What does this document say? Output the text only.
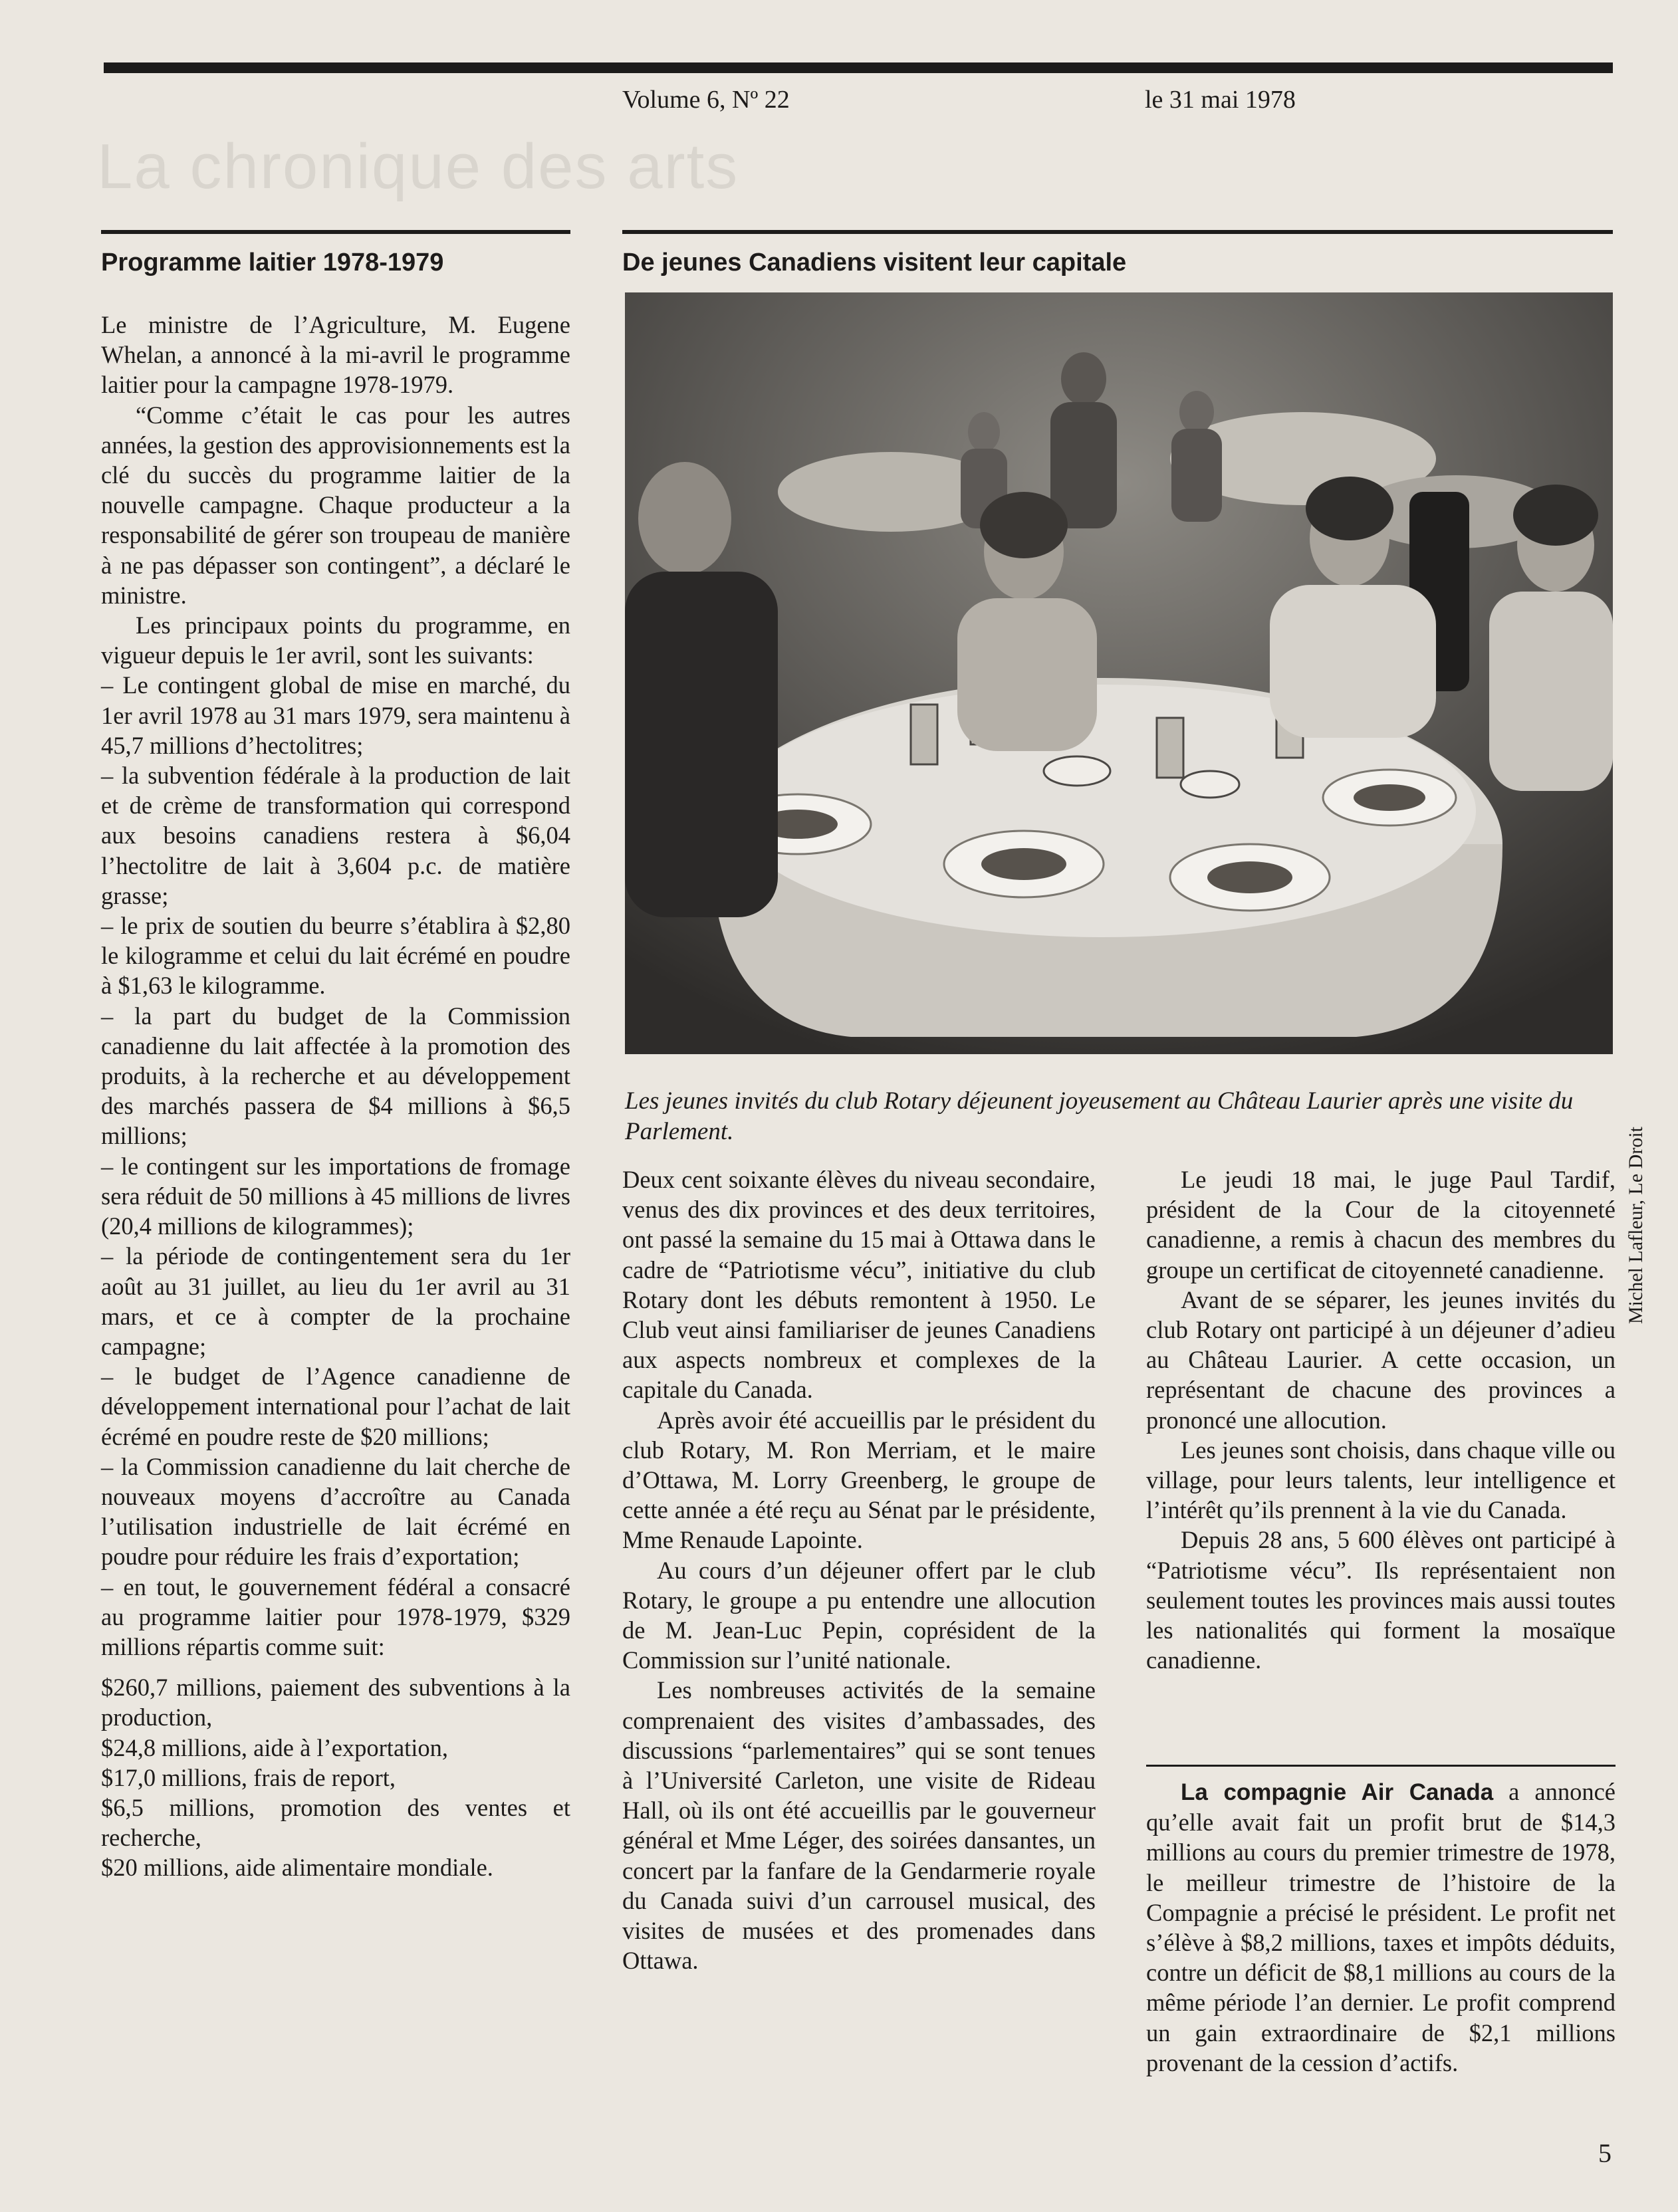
Volume 6, Nº 22	le 31 mai 1978
La chronique des arts
Programme laitier 1978-1979

Le ministre de l’Agriculture, M. Eugene Whelan, a annoncé à la mi-avril le programme laitier pour la campagne 1978-1979.

“Comme c’était le cas pour les autres années, la gestion des approvisionnements est la clé du succès du programme laitier de la nouvelle campagne. Chaque producteur a la responsabilité de gérer son troupeau de manière à ne pas dépasser son contingent”, a déclaré le ministre.

Les principaux points du programme, en vigueur depuis le 1er avril, sont les suivants:

– Le contingent global de mise en marché, du 1er avril 1978 au 31 mars 1979, sera maintenu à 45,7 millions d’hectolitres;

– la subvention fédérale à la production de lait et de crème de transformation qui correspond aux besoins canadiens restera à $6,04 l’hectolitre de lait à 3,604 p.c. de matière grasse;

– le prix de soutien du beurre s’établira à $2,80 le kilogramme et celui du lait écrémé en poudre à $1,63 le kilogramme.

– la part du budget de la Commission canadienne du lait affectée à la promotion des produits, à la recherche et au développement des marchés passera de $4 millions à $6,5 millions;

– le contingent sur les importations de fromage sera réduit de 50 millions à 45 millions de livres (20,4 millions de kilogrammes);

– la période de contingentement sera du 1er août au 31 juillet, au lieu du 1er avril au 31 mars, et ce à compter de la prochaine campagne;

– le budget de l’Agence canadienne de développement international pour l’achat de lait écrémé en poudre reste de $20 millions;

– la Commission canadienne du lait cherche de nouveaux moyens d’accroître au Canada l’utilisation industrielle de lait écrémé en poudre pour réduire les frais d’exportation;

– en tout, le gouvernement fédéral a consacré au programme laitier pour 1978-1979, $329 millions répartis comme suit:

$260,7 millions, paiement des subventions à la production,

$24,8 millions, aide à l’exportation,

$17,0 millions, frais de report,

$6,5 millions, promotion des ventes et recherche,

$20 millions, aide alimentaire mondiale.

De jeunes Canadiens visitent leur capitale
Michel Lafleur, Le Droit
Les jeunes invités du club Rotary déjeunent joyeusement au Château Laurier après une visite du Parlement.

Deux cent soixante élèves du niveau secondaire, venus des dix provinces et des deux territoires, ont passé la semaine du 15 mai à Ottawa dans le cadre de “Patriotisme vécu”, initiative du club Rotary dont les débuts remontent à 1950. Le Club veut ainsi familiariser de jeunes Canadiens aux aspects nombreux et complexes de la capitale du Canada.

Après avoir été accueillis par le président du club Rotary, M. Ron Merriam, et le maire d’Ottawa, M. Lorry Greenberg, le groupe de cette année a été reçu au Sénat par le présidente, Mme Renaude Lapointe.

Au cours d’un déjeuner offert par le club Rotary, le groupe a pu entendre une allocution de M. Jean-Luc Pepin, coprésident de la Commission sur l’unité nationale.

Les nombreuses activités de la semaine comprenaient des visites d’ambassades, des discussions “parlementaires” qui se sont tenues à l’Université Carleton, une visite de Rideau Hall, où ils ont été accueillis par le gouverneur général et Mme Léger, des soirées dansantes, un concert par la fanfare de la Gendarmerie royale du Canada suivi d’un carrousel musical, des visites de musées et des promenades dans Ottawa.

Le jeudi 18 mai, le juge Paul Tardif, président de la Cour de la citoyenneté canadienne, a remis à chacun des membres du groupe un certificat de citoyenneté canadienne.

Avant de se séparer, les jeunes invités du club Rotary ont participé à un déjeuner d’adieu au Château Laurier. A cette occasion, un représentant de chacune des provinces a prononcé une allocution.

Les jeunes sont choisis, dans chaque ville ou village, pour leurs talents, leur intelligence et l’intérêt qu’ils prennent à la vie du Canada.

Depuis 28 ans, 5 600 élèves ont participé à “Patriotisme vécu”. Ils représentaient non seulement toutes les provinces mais aussi toutes les nationalités qui forment la mosaïque canadienne.

La compagnie Air Canada a annoncé qu’elle avait fait un profit brut de $14,3 millions au cours du premier trimestre de 1978, le meilleur trimestre de l’histoire de la Compagnie a précisé le président. Le profit net s’élève à $8,2 millions, taxes et impôts déduits, contre un déficit de $8,1 millions au cours de la même période l’an dernier. Le profit comprend un gain extraordinaire de $2,1 millions provenant de la cession d’actifs.

5
